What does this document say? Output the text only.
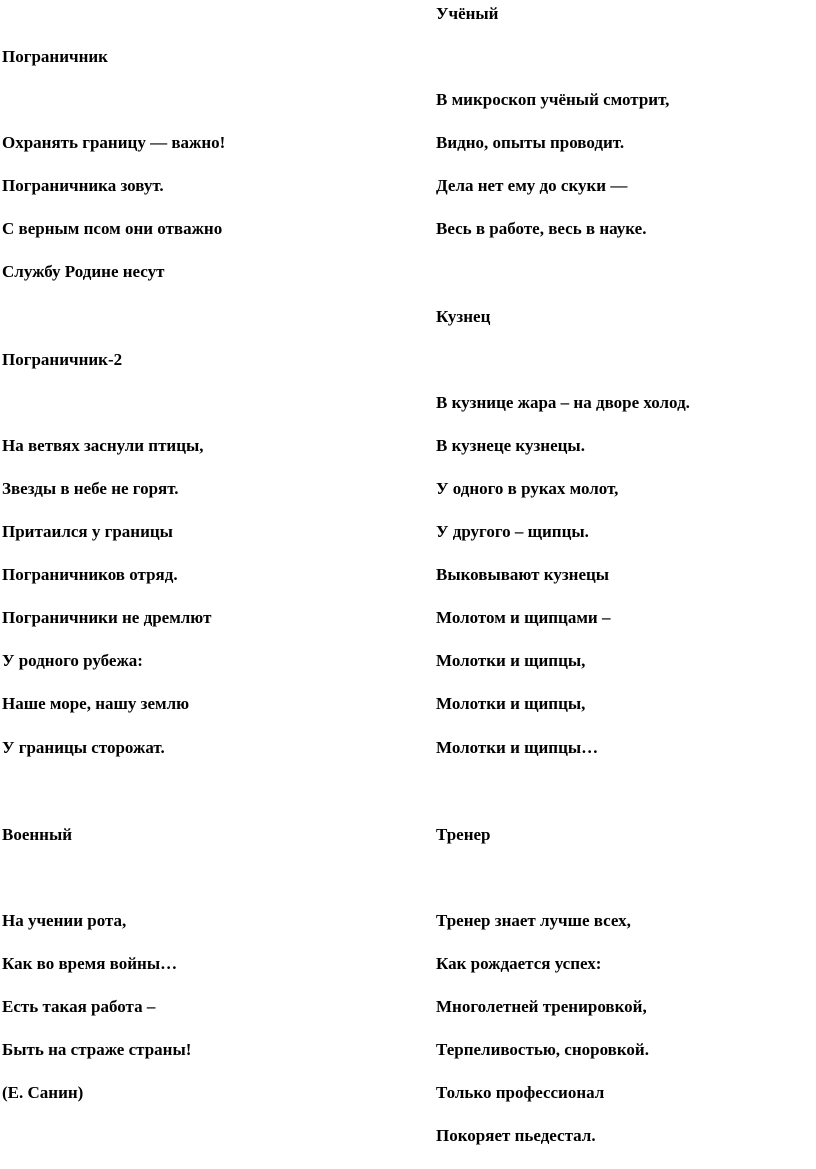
Пограничник

Охранять границу — важно!

Пограничника зовут.

С верным псом они отважно

Службу Родине несут

Пограничник-2

На ветвях заснули птицы,

Звезды в небе не горят.

Притаился у границы

Пограничников отряд.

Пограничники не дремлют

У родного рубежа:

Наше море, нашу землю

У границы сторожат.

Военный

На учении рота,

Как во время войны…

Есть такая работа –

Быть на страже страны!

(Е. Санин)

Учёный

В микроскоп учёный смотрит,

Видно, опыты проводит.

Дела нет ему до скуки —

Весь в работе, весь в науке.

Кузнец

В кузнице жара – на дворе холод.

В кузнеце кузнецы.

У одного в руках молот,

У другого – щипцы.

Выковывают кузнецы

Молотом и щипцами –

Молотки и щипцы,

Молотки и щипцы,

Молотки и щипцы…

Тренер

Тренер знает лучше всех,

Как рождается успех:

Многолетней тренировкой,

Терпеливостью, сноровкой.

Только профессионал

Покоряет пьедестал.
